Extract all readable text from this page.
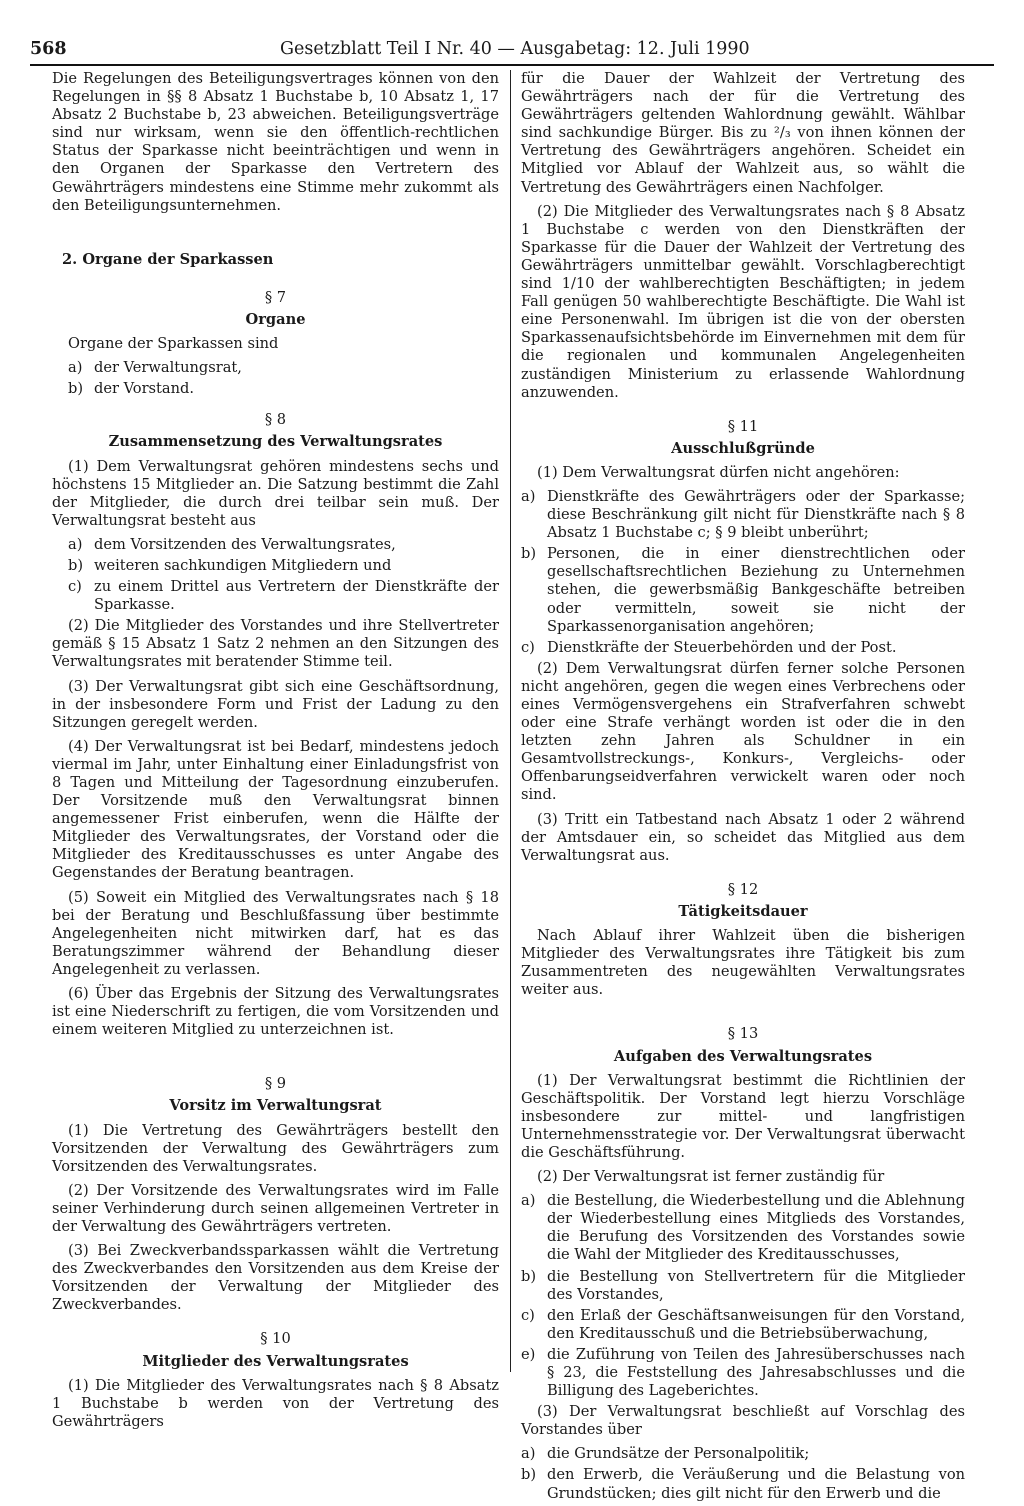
568	Gesetzblatt Teil I Nr. 40 — Ausgabetag: 12. Juli 1990

Die Regelungen des Beteiligungsvertrages können von den Regelungen in §§ 8 Absatz 1 Buchstabe b, 10 Absatz 1, 17 Absatz 2 Buchstabe b, 23 abweichen. Beteiligungsverträge sind nur wirksam, wenn sie den öffentlich-rechtlichen Status der Sparkasse nicht beeinträchtigen und wenn in den Organen der Sparkasse den Vertretern des Gewährträgers mindestens eine Stimme mehr zukommt als den Beteiligungsunternehmen.

2. Organe der Sparkassen
§ 7
Organe

Organe der Sparkassen sind

a) der Verwaltungsrat,
b) der Vorstand.
§ 8
Zusammensetzung des Verwaltungsrates

(1) Dem Verwaltungsrat gehören mindestens sechs und höchstens 15 Mitglieder an. Die Satzung bestimmt die Zahl der Mitglieder, die durch drei teilbar sein muß. Der Verwaltungsrat besteht aus

a) dem Vorsitzenden des Verwaltungsrates,
b) weiteren sachkundigen Mitgliedern und
c) zu einem Drittel aus Vertretern der Dienstkräfte der Sparkasse.

(2) Die Mitglieder des Vorstandes und ihre Stellvertreter gemäß § 15 Absatz 1 Satz 2 nehmen an den Sitzungen des Verwaltungsrates mit beratender Stimme teil.

(3) Der Verwaltungsrat gibt sich eine Geschäftsordnung, in der insbesondere Form und Frist der Ladung zu den Sitzungen geregelt werden.

(4) Der Verwaltungsrat ist bei Bedarf, mindestens jedoch viermal im Jahr, unter Einhaltung einer Einladungsfrist von 8 Tagen und Mitteilung der Tagesordnung einzuberufen. Der Vorsitzende muß den Verwaltungsrat binnen angemessener Frist einberufen, wenn die Hälfte der Mitglieder des Verwaltungsrates, der Vorstand oder die Mitglieder des Kreditausschusses es unter Angabe des Gegenstandes der Beratung beantragen.

(5) Soweit ein Mitglied des Verwaltungsrates nach § 18 bei der Beratung und Beschlußfassung über bestimmte Angelegenheiten nicht mitwirken darf, hat es das Beratungszimmer während der Behandlung dieser Angelegenheit zu verlassen.

(6) Über das Ergebnis der Sitzung des Verwaltungsrates ist eine Niederschrift zu fertigen, die vom Vorsitzenden und einem weiteren Mitglied zu unterzeichnen ist.

§ 9
Vorsitz im Verwaltungsrat

(1) Die Vertretung des Gewährträgers bestellt den Vorsitzenden der Verwaltung des Gewährträgers zum Vorsitzenden des Verwaltungsrates.

(2) Der Vorsitzende des Verwaltungsrates wird im Falle seiner Verhinderung durch seinen allgemeinen Vertreter in der Verwaltung des Gewährträgers vertreten.

(3) Bei Zweckverbandssparkassen wählt die Vertretung des Zweckverbandes den Vorsitzenden aus dem Kreise der Vorsitzenden der Verwaltung der Mitglieder des Zweckverbandes.

§ 10
Mitglieder des Verwaltungsrates

(1) Die Mitglieder des Verwaltungsrates nach § 8 Absatz 1 Buchstabe b werden von der Vertretung des Gewährträgers

für die Dauer der Wahlzeit der Vertretung des Gewährträgers nach der für die Vertretung des Gewährträgers geltenden Wahlordnung gewählt. Wählbar sind sachkundige Bürger. Bis zu ²/₃ von ihnen können der Vertretung des Gewährträgers angehören. Scheidet ein Mitglied vor Ablauf der Wahlzeit aus, so wählt die Vertretung des Gewährträgers einen Nachfolger.

(2) Die Mitglieder des Verwaltungsrates nach § 8 Absatz 1 Buchstabe c werden von den Dienstkräften der Sparkasse für die Dauer der Wahlzeit der Vertretung des Gewährträgers unmittelbar gewählt. Vorschlagberechtigt sind 1/10 der wahlberechtigten Beschäftigten; in jedem Fall genügen 50 wahlberechtigte Beschäftigte. Die Wahl ist eine Personenwahl. Im übrigen ist die von der obersten Sparkassenaufsichtsbehörde im Einvernehmen mit dem für die regionalen und kommunalen Angelegenheiten zuständigen Ministerium zu erlassende Wahlordnung anzuwenden.

§ 11
Ausschlußgründe

(1) Dem Verwaltungsrat dürfen nicht angehören:

a) Dienstkräfte des Gewährträgers oder der Sparkasse; diese Beschränkung gilt nicht für Dienstkräfte nach § 8 Absatz 1 Buchstabe c; § 9 bleibt unberührt;
b) Personen, die in einer dienstrechtlichen oder gesellschaftsrechtlichen Beziehung zu Unternehmen stehen, die gewerbsmäßig Bankgeschäfte betreiben oder vermitteln, soweit sie nicht der Sparkassenorganisation angehören;
c) Dienstkräfte der Steuerbehörden und der Post.

(2) Dem Verwaltungsrat dürfen ferner solche Personen nicht angehören, gegen die wegen eines Verbrechens oder eines Vermögensvergehens ein Strafverfahren schwebt oder eine Strafe verhängt worden ist oder die in den letzten zehn Jahren als Schuldner in ein Gesamtvollstreckungs-, Konkurs-, Vergleichs- oder Offenbarungseidverfahren verwickelt waren oder noch sind.

(3) Tritt ein Tatbestand nach Absatz 1 oder 2 während der Amtsdauer ein, so scheidet das Mitglied aus dem Verwaltungsrat aus.

§ 12
Tätigkeitsdauer

Nach Ablauf ihrer Wahlzeit üben die bisherigen Mitglieder des Verwaltungsrates ihre Tätigkeit bis zum Zusammentreten des neugewählten Verwaltungsrates weiter aus.

§ 13
Aufgaben des Verwaltungsrates

(1) Der Verwaltungsrat bestimmt die Richtlinien der Geschäftspolitik. Der Vorstand legt hierzu Vorschläge insbesondere zur mittel- und langfristigen Unternehmensstrategie vor. Der Verwaltungsrat überwacht die Geschäftsführung.

(2) Der Verwaltungsrat ist ferner zuständig für

a) die Bestellung, die Wiederbestellung und die Ablehnung der Wiederbestellung eines Mitglieds des Vorstandes, die Berufung des Vorsitzenden des Vorstandes sowie die Wahl der Mitglieder des Kreditausschusses,
b) die Bestellung von Stellvertretern für die Mitglieder des Vorstandes,
c) den Erlaß der Geschäftsanweisungen für den Vorstand, den Kreditausschuß und die Betriebsüberwachung,
e) die Zuführung von Teilen des Jahresüberschusses nach § 23, die Feststellung des Jahresabschlusses und die Billigung des Lageberichtes.

(3) Der Verwaltungsrat beschließt auf Vorschlag des Vorstandes über

a) die Grundsätze der Personalpolitik;
b) den Erwerb, die Veräußerung und die Belastung von Grundstücken; dies gilt nicht für den Erwerb und die
